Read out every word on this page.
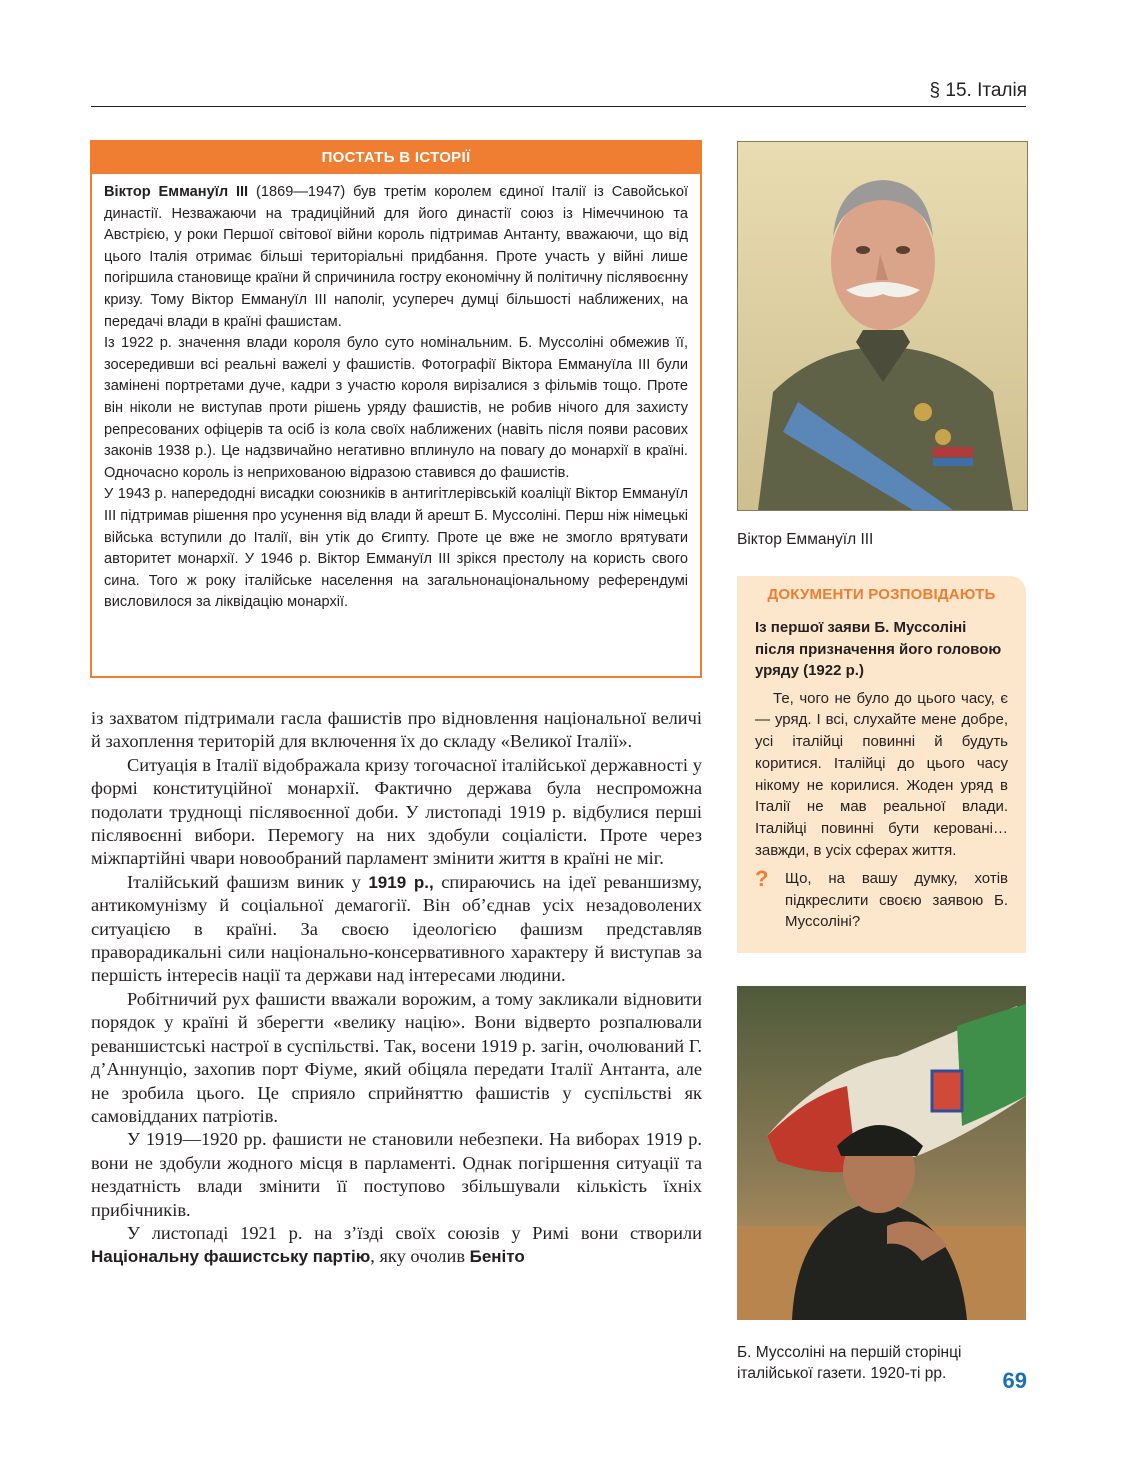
§ 15. Італія
ПОСТАТЬ В ІСТОРІЇ

Віктор Еммануїл III (1869—1947) був третім королем єдиної Італії із Савойської династії. Незважаючи на традиційний для його династії союз із Німеччиною та Австрією, у роки Першої світової війни король підтримав Антанту, вважаючи, що від цього Італія отримає більші територіальні придбання. Проте участь у війні лише погіршила становище країни й спричинила гостру економічну й політичну післявоєнну кризу. Тому Віктор Еммануїл III наполіг, усупереч думці більшості наближених, на передачі влади в країні фашистам.

Із 1922 р. значення влади короля було суто номінальним. Б. Муссоліні обмежив її, зосередивши всі реальні важелі у фашистів. Фотографії Віктора Еммануїла III були замінені портретами дуче, кадри з участю короля вирізалися з фільмів тощо. Проте він ніколи не виступав проти рішень уряду фашистів, не робив нічого для захисту репресованих офіцерів та осіб із кола своїх наближених (навіть після появи расових законів 1938 р.). Це надзвичайно негативно вплинуло на повагу до монархії в країні. Одночасно король із неприхованою відразою ставився до фашистів.

У 1943 р. напередодні висадки союзників в антигітлерівській коаліції Віктор Еммануїл III підтримав рішення про усунення від влади й арешт Б. Муссоліні. Перш ніж німецькі війська вступили до Італії, він утік до Єгипту. Проте це вже не змогло врятувати авторитет монархії. У 1946 р. Віктор Еммануїл III зрікся престолу на користь свого сина. Того ж року італійське населення на загальнонаціональному референдумі висловилося за ліквідацію монархії.

із захватом підтримали гасла фашистів про відновлення національної величі й захоплення територій для включення їх до складу «Великої Італії».

Ситуація в Італії відображала кризу тогочасної італійської державності у формі конституційної монархії. Фактично держава була неспроможна подолати труднощі післявоєнної доби. У листопаді 1919 р. відбулися перші післявоєнні вибори. Перемогу на них здобули соціалісти. Проте через міжпартійні чвари новообраний парламент змінити життя в країні не міг.

Італійський фашизм виник у 1919 р., спираючись на ідеї реваншизму, антикомунізму й соціальної демагогії. Він об’єднав усіх незадоволених ситуацією в країні. За своєю ідеологією фашизм представляв праворадикальні сили національно-консервативного характеру й виступав за першість інтересів нації та держави над інтересами людини.

Робітничий рух фашисти вважали ворожим, а тому закликали відновити порядок у країні й зберегти «велику націю». Вони відверто розпалювали реваншистські настрої в суспільстві. Так, восени 1919 р. загін, очолюваний Г. д’Аннунціо, захопив порт Фіуме, який обіцяла передати Італії Антанта, але не зробила цього. Це сприяло сприйняттю фашистів у суспільстві як самовідданих патріотів.

У 1919—1920 рр. фашисти не становили небезпеки. На виборах 1919 р. вони не здобули жодного місця в парламенті. Однак погіршення ситуації та нездатність влади змінити її поступово збільшували кількість їхніх прибічників.

У листопаді 1921 р. на з’їзді своїх союзів у Римі вони створили Національну фашистську партію, яку очолив Беніто

Віктор Еммануїл III
ДОКУМЕНТИ РОЗПОВІДАЮТЬ
Із першої заяви Б. Муссоліні після призначення його головою уряду (1922 р.)

Те, чого не було до цього часу, є — уряд. І всі, слухайте мене добре, усі італійці повинні й будуть коритися. Італійці до цього часу нікому не корилися. Жоден уряд в Італії не мав реальної влади. Італійці повинні бути керовані… завжди, в усіх сферах життя.

? Що, на вашу думку, хотів підкреслити своєю заявою Б. Муссоліні?
Б. Муссоліні на першій сторінці італійської газети. 1920-ті рр.	69
